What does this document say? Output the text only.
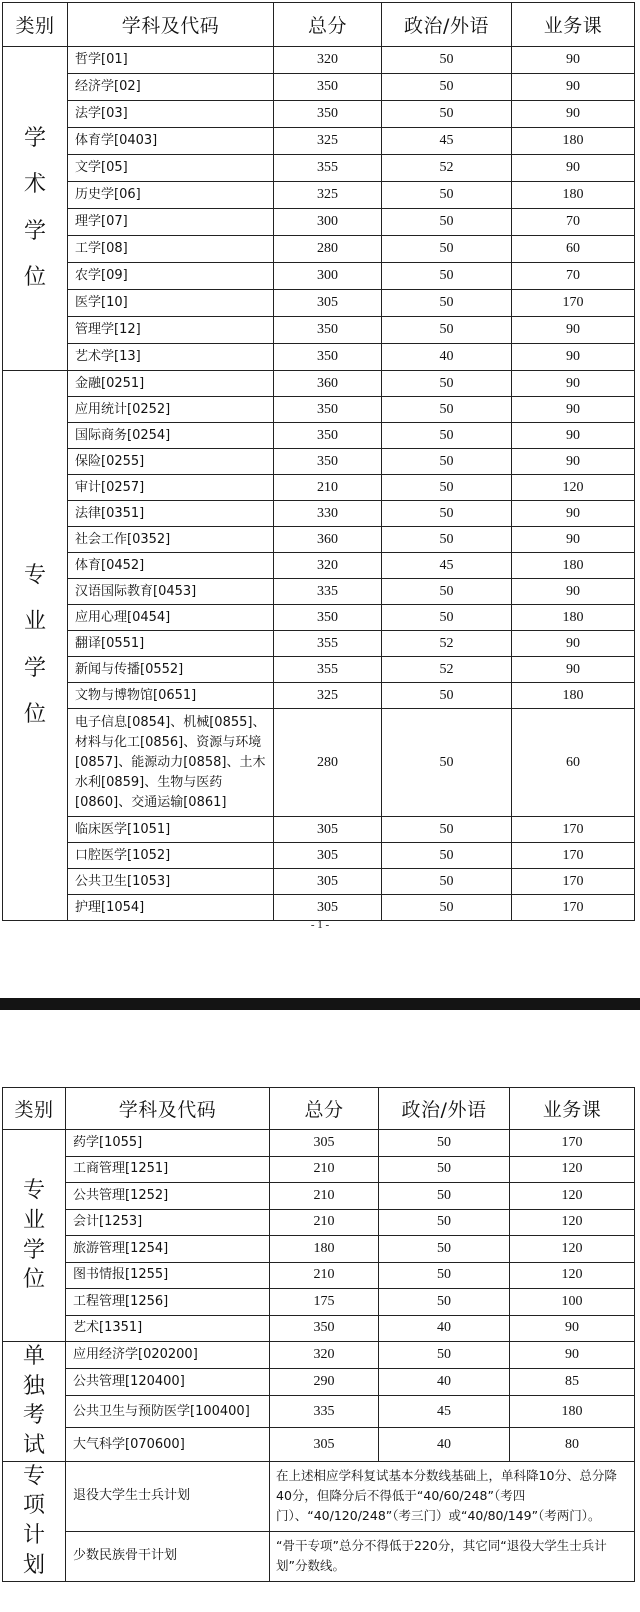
类别	学科及代码	总分	政治/外语	业务课
学术学位	哲学[01]	320	50	90
	经济学[02]	350	50	90
	法学[03]	350	50	90
	体育学[0403]	325	45	180
	文学[05]	355	52	90
	历史学[06]	325	50	180
	理学[07]	300	50	70
	工学[08]	280	50	60
	农学[09]	300	50	70
	医学[10]	305	50	170
	管理学[12]	350	50	90
	艺术学[13]	350	40	90
专业学位	金融[0251]	360	50	90
	应用统计[0252]	350	50	90
	国际商务[0254]	350	50	90
	保险[0255]	350	50	90
	审计[0257]	210	50	120
	法律[0351]	330	50	90
	社会工作[0352]	360	50	90
	体育[0452]	320	45	180
	汉语国际教育[0453]	335	50	90
	应用心理[0454]	350	50	180
	翻译[0551]	355	52	90
	新闻与传播[0552]	355	52	90
	文物与博物馆[0651]	325	50	180
	电子信息[0854]、机械[0855]、材料与化工[0856]、资源与环境[0857]、能源动力[0858]、土木水利[0859]、生物与医药[0860]、交通运输[0861]	280	50	60
	临床医学[1051]	305	50	170
	口腔医学[1052]	305	50	170
	公共卫生[1053]	305	50	170
	护理[1054]	305	50	170
- 1 -
类别	学科及代码	总分	政治/外语	业务课
专业学位	药学[1055]	305	50	170
	工商管理[1251]	210	50	120
	公共管理[1252]	210	50	120
	会计[1253]	210	50	120
	旅游管理[1254]	180	50	120
	图书情报[1255]	210	50	120
	工程管理[1256]	175	50	100
	艺术[1351]	350	40	90
单独考试	应用经济学[020200]	320	50	90
	公共管理[120400]	290	40	85
	公共卫生与预防医学[100400]	335	45	180
	大气科学[070600]	305	40	80
专项计划	退役大学生士兵计划	在上述相应学科复试基本分数线基础上，单科降10分、总分降40分，但降分后不得低于“40/60/248”（考四门）、“40/120/248”（考三门）或“40/80/149”（考两门）。		
	少数民族骨干计划	“骨干专项”总分不得低于220分，其它同“退役大学生士兵计划”分数线。		
